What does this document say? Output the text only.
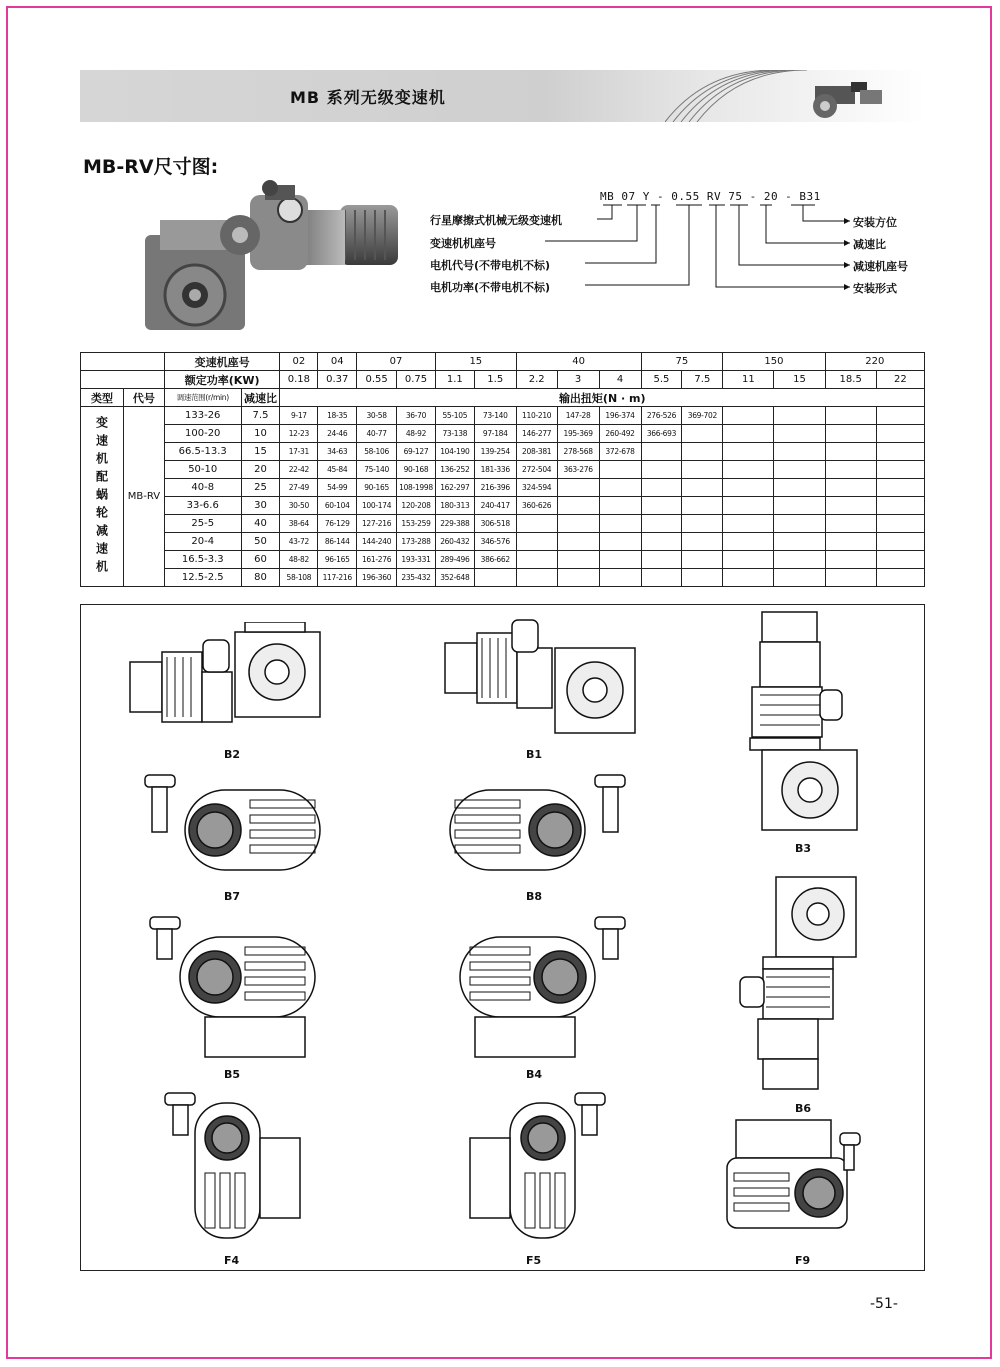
MB 系列无级变速机
MB-RV尺寸图:
MB 07 Y - 0.55 RV 75 - 20 - B31
行星摩擦式机械无级变速机
变速机机座号
电机代号(不带电机不标)
电机功率(不带电机不标)
安装方位
减速比
减速机座号
安装形式
		变速机座号		02	04	07		15		40			75		150		220	
		额定功率(KW)		0.18	0.37	0.55	0.75	1.1	1.5	2.2	3	4	5.5	7.5	11	15	18.5	22
类型	代号	调速范围(r/min)	减速比	输出扭矩(N · m)														
变速机配蜗轮减速机	MB-RV	133-26	7.5	9-17	18-35	30-58	36-70	55-105	73-140	110-210	147-28	196-374	276-526	369-702				
		100-20	10	12-23	24-46	40-77	48-92	73-138	97-184	146-277	195-369	260-492	366-693					
		66.5-13.3	15	17-31	34-63	58-106	69-127	104-190	139-254	208-381	278-568	372-678						
		50-10	20	22-42	45-84	75-140	90-168	136-252	181-336	272-504	363-276							
		40-8	25	27-49	54-99	90-165	108-1998	162-297	216-396	324-594								
		33-6.6	30	30-50	60-104	100-174	120-208	180-313	240-417	360-626								
		25-5	40	38-64	76-129	127-216	153-259	229-388	306-518									
		20-4	50	43-72	86-144	144-240	173-288	260-432	346-576									
		16.5-3.3	60	48-82	96-165	161-276	193-331	289-496	386-662									
		12.5-2.5	80	58-108	117-216	196-360	235-432	352-648										
B2	B1
B3
B7	B8
B5	B4
B6
F4	F5	F9
-51-
